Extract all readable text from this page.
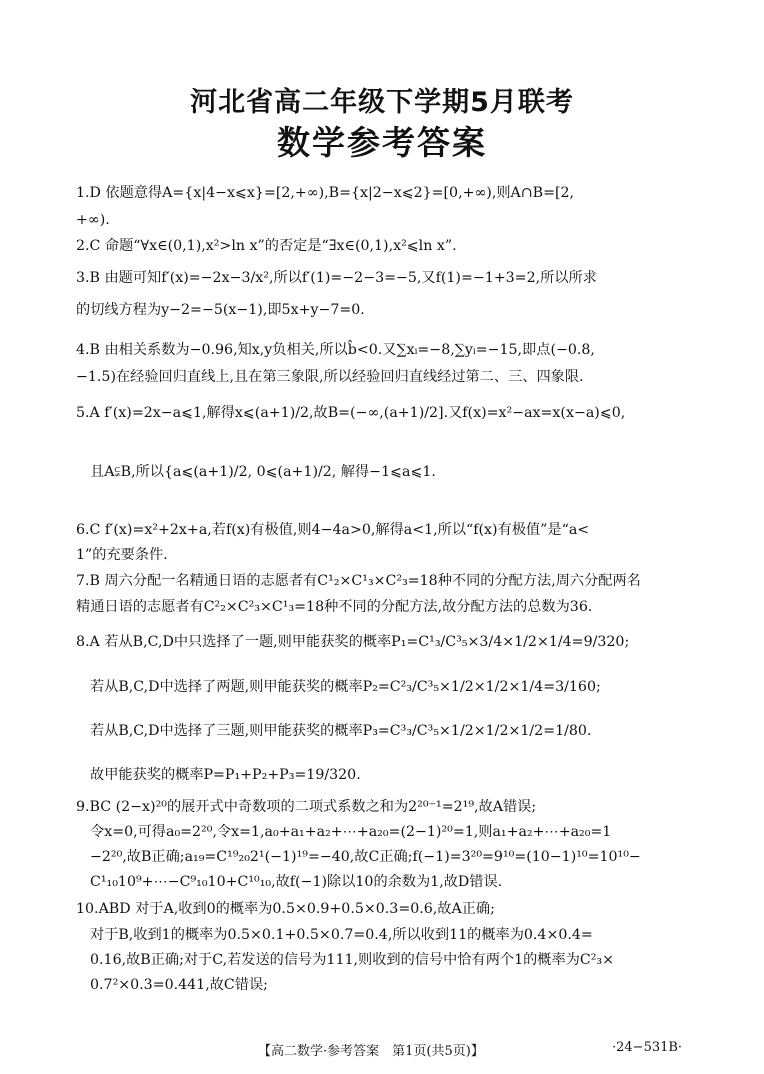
河北省高二年级下学期5月联考
数学参考答案
1.D 依题意得A={x|4−x⩽x}=[2,+∞),B={x|2−x⩽2}=[0,+∞),则A∩B=[2,
+∞).
2.C 命题“∀x∈(0,1),x²>ln x”的否定是“∃x∈(0,1),x²⩽ln x”.
3.B 由题可知f′(x)=−2x−3/x²,所以f′(1)=−2−3=−5,又f(1)=−1+3=2,所以所求
的切线方程为y−2=−5(x−1),即5x+y−7=0.
4.B 由相关系数为−0.96,知x,y负相关,所以b̂<0.又∑xᵢ=−8,∑yᵢ=−15,即点(−0.8,
−1.5)在经验回归直线上,且在第三象限,所以经验回归直线经过第二、三、四象限.
5.A f′(x)=2x−a⩽1,解得x⩽(a+1)/2,故B=(−∞,(a+1)/2].又f(x)=x²−ax=x(x−a)⩽0,
且A⫋B,所以{a⩽(a+1)/2, 0⩽(a+1)/2, 解得−1⩽a⩽1.
6.C f′(x)=x²+2x+a,若f(x)有极值,则4−4a>0,解得a<1,所以“f(x)有极值”是“a<
1”的充要条件.
7.B 周六分配一名精通日语的志愿者有C¹₂×C¹₃×C²₃=18种不同的分配方法,周六分配两名
精通日语的志愿者有C²₂×C²₃×C¹₃=18种不同的分配方法,故分配方法的总数为36.
8.A 若从B,C,D中只选择了一题,则甲能获奖的概率P₁=C¹₃/C³₅×3/4×1/2×1/4=9/320;
若从B,C,D中选择了两题,则甲能获奖的概率P₂=C²₃/C³₅×1/2×1/2×1/4=3/160;
若从B,C,D中选择了三题,则甲能获奖的概率P₃=C³₃/C³₅×1/2×1/2×1/2=1/80.
故甲能获奖的概率P=P₁+P₂+P₃=19/320.
9.BC (2−x)²⁰的展开式中奇数项的二项式系数之和为2²⁰⁻¹=2¹⁹,故A错误;
令x=0,可得a₀=2²⁰,令x=1,a₀+a₁+a₂+⋯+a₂₀=(2−1)²⁰=1,则a₁+a₂+⋯+a₂₀=1
−2²⁰,故B正确;a₁₉=C¹⁹₂₀2¹(−1)¹⁹=−40,故C正确;f(−1)=3²⁰=9¹⁰=(10−1)¹⁰=10¹⁰−
C¹₁₀10⁹+⋯−C⁹₁₀10+C¹⁰₁₀,故f(−1)除以10的余数为1,故D错误.
10.ABD 对于A,收到0的概率为0.5×0.9+0.5×0.3=0.6,故A正确;
对于B,收到1的概率为0.5×0.1+0.5×0.7=0.4,所以收到11的概率为0.4×0.4=
0.16,故B正确;对于C,若发送的信号为111,则收到的信号中恰有两个1的概率为C²₃×
0.7²×0.3=0.441,故C错误;
【高二数学·参考答案　第1页(共5页)】	·24−531B·
